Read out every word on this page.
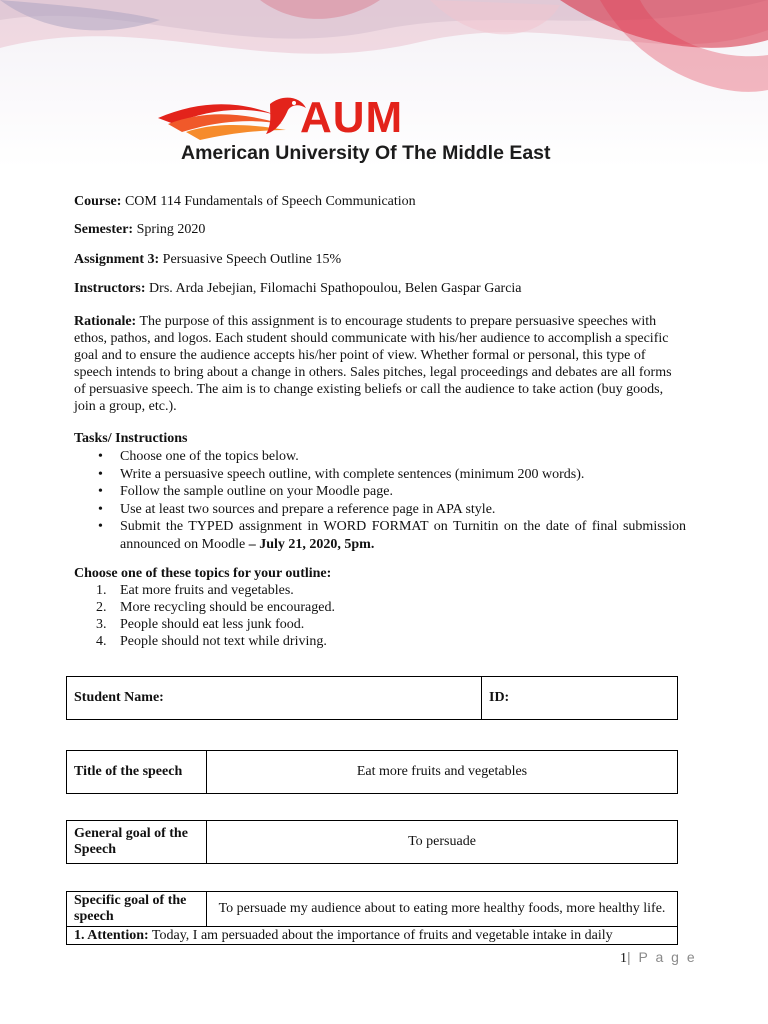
AUM
American University Of The Middle East
Course: COM 114 Fundamentals of Speech Communication
Semester: Spring 2020
Assignment 3: Persuasive Speech Outline 15%
Instructors: Drs. Arda Jebejian, Filomachi Spathopoulou, Belen Gaspar Garcia
Rationale: The purpose of this assignment is to encourage students to prepare persuasive speeches with ethos, pathos, and logos. Each student should communicate with his/her audience to accomplish a specific goal and to ensure the audience accepts his/her point of view. Whether formal or personal, this type of speech intends to bring about a change in others. Sales pitches, legal proceedings and debates are all forms of persuasive speech. The aim is to change existing beliefs or call the audience to take action (buy goods, join a group, etc.).
Tasks/ Instructions
• Choose one of the topics below.
• Write a persuasive speech outline, with complete sentences (minimum 200 words).
• Follow the sample outline on your Moodle page.
• Use at least two sources and prepare a reference page in APA style.
• Submit the TYPED assignment in WORD FORMAT on Turnitin on the date of final submission announced on Moodle – July 21, 2020, 5pm.
Choose one of these topics for your outline:
1. Eat more fruits and vegetables.
2. More recycling should be encouraged.
3. People should eat less junk food.
4. People should not text while driving.
Student Name:	ID:
Title of the speech	Eat more fruits and vegetables
General goal of the Speech	To persuade
Specific goal of the speech	To persuade my audience about to eating more healthy foods, more healthy life.
1. Attention: Today, I am persuaded about the importance of fruits and vegetable intake in daily
1| P a g e
